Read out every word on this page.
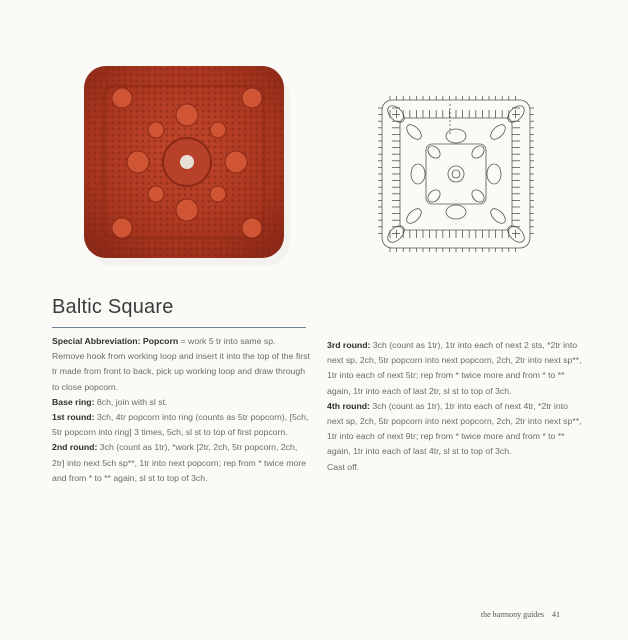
Baltic Square

Special Abbreviation: Popcorn = work 5 tr into same sp. Remove hook from working loop and insert it into the top of the first tr made from front to back, pick up working loop and draw through to close popcorn.

Base ring: 8ch, join with sl st.

1st round: 3ch, 4tr popcorn into ring (counts as 5tr popcorn), [5ch, 5tr popcorn into ring] 3 times, 5ch, sl st to top of first popcorn.

2nd round: 3ch (count as 1tr), *work [2tr, 2ch, 5tr popcorn, 2ch, 2tr] into next 5ch sp**, 1tr into next popcorn; rep from * twice more and from * to ** again, sl st to top of 3ch.

3rd round: 3ch (count as 1tr), 1tr into each of next 2 sts, *2tr into next sp, 2ch, 5tr popcorn into next popcorn, 2ch, 2tr into next sp**, 1tr into each of next 5tr; rep from * twice more and from * to ** again, 1tr into each of last 2tr, sl st to top of 3ch.

4th round: 3ch (count as 1tr), 1tr into each of next 4tr, *2tr into next sp, 2ch, 5tr popcorn into next popcorn, 2ch, 2tr into next sp**, 1tr into each of next 9tr; rep from * twice more and from * to ** again, 1tr into each of last 4tr, sl st to top of 3ch.

Cast off.

the harmony guides 41
